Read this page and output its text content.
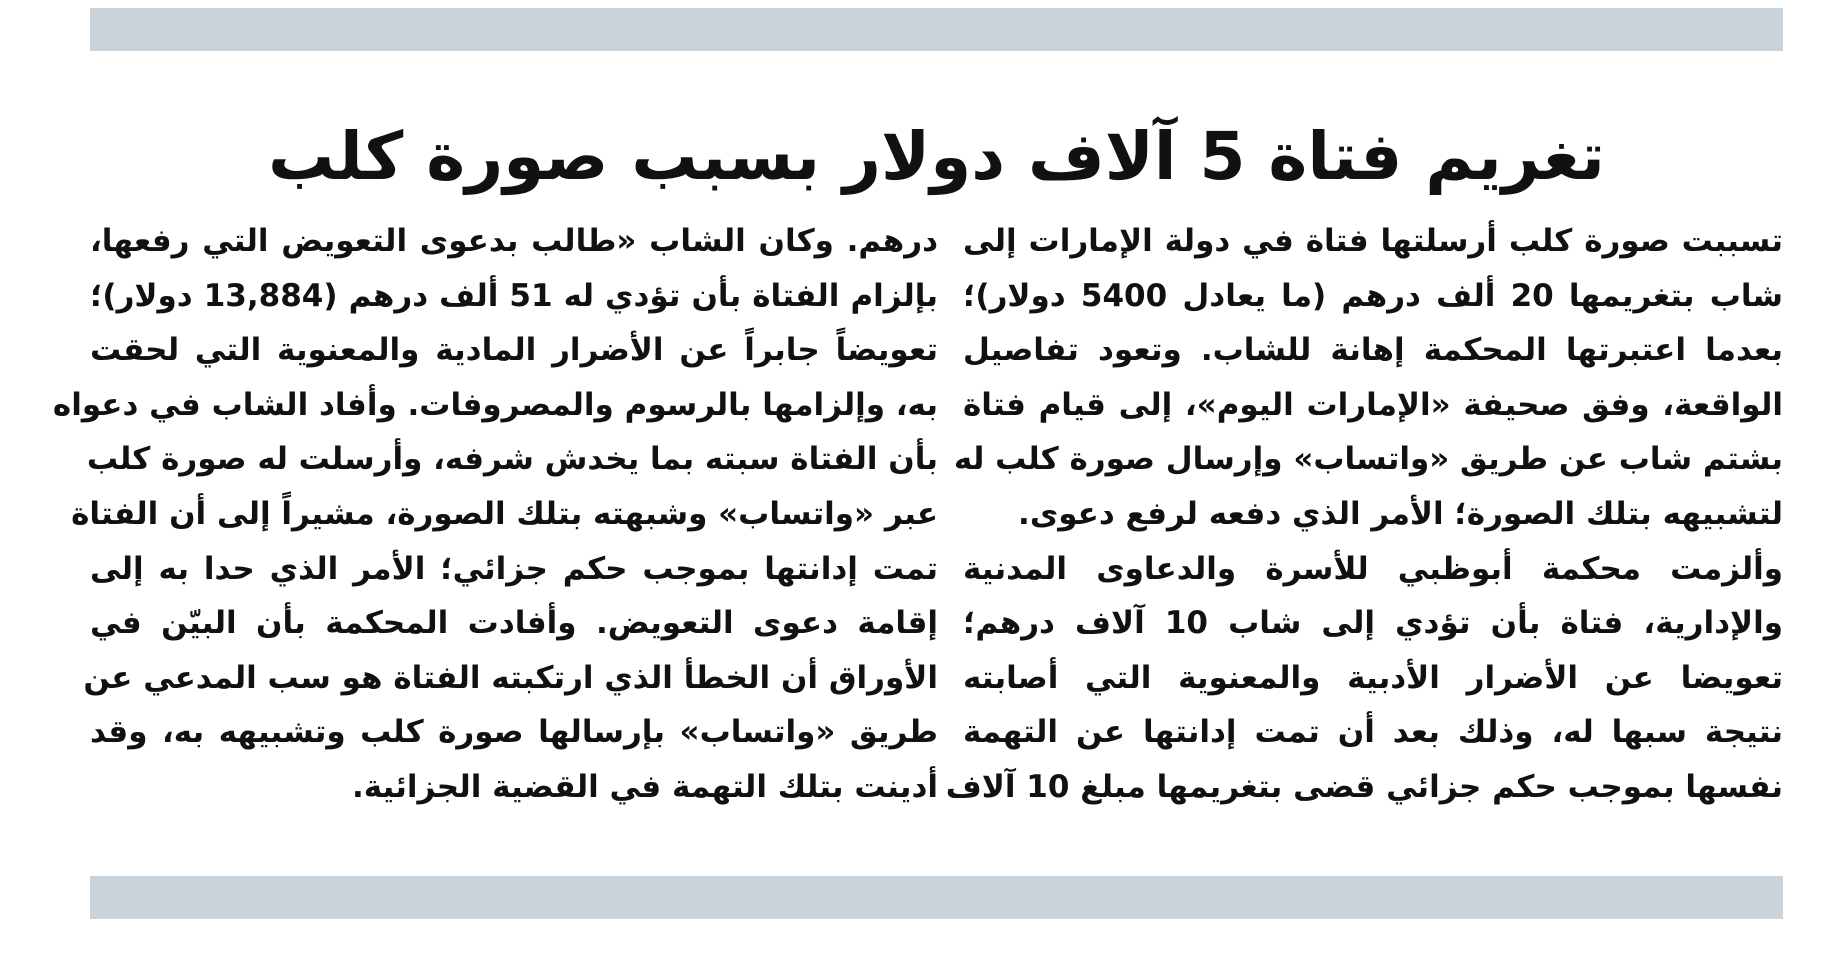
تغريم فتاة 5 آلاف دولار بسبب صورة كلب
تسببت صورة كلب أرسلتها فتاة في دولة الإمارات إلى
شاب بتغريمها 20 ألف درهم (ما يعادل 5400 دولار)؛
بعدما اعتبرتها المحكمة إهانة للشاب. وتعود تفاصيل
الواقعة، وفق صحيفة «الإمارات اليوم»، إلى قيام فتاة
بشتم شاب عن طريق «واتساب» وإرسال صورة كلب له
لتشبيهه بتلك الصورة؛ الأمر الذي دفعه لرفع دعوى.
وألزمت محكمة أبوظبي للأسرة والدعاوى المدنية
والإدارية، فتاة بأن تؤدي إلى شاب 10 آلاف درهم؛
تعويضا عن الأضرار الأدبية والمعنوية التي أصابته
نتيجة سبها له، وذلك بعد أن تمت إدانتها عن التهمة
نفسها بموجب حكم جزائي قضى بتغريمها مبلغ 10 آلاف
درهم. وكان الشاب «طالب بدعوى التعويض التي رفعها،
بإلزام الفتاة بأن تؤدي له 51 ألف درهم (13,884 دولار)؛
تعويضاً جابراً عن الأضرار المادية والمعنوية التي لحقت
به، وإلزامها بالرسوم والمصروفات. وأفاد الشاب في دعواه
بأن الفتاة سبته بما يخدش شرفه، وأرسلت له صورة كلب
عبر «واتساب» وشبهته بتلك الصورة، مشيراً إلى أن الفتاة
تمت إدانتها بموجب حكم جزائي؛ الأمر الذي حدا به إلى
إقامة دعوى التعويض. وأفادت المحكمة بأن البيّن في
الأوراق أن الخطأ الذي ارتكبته الفتاة هو سب المدعي عن
طريق «واتساب» بإرسالها صورة كلب وتشبيهه به، وقد
أدينت بتلك التهمة في القضية الجزائية.
